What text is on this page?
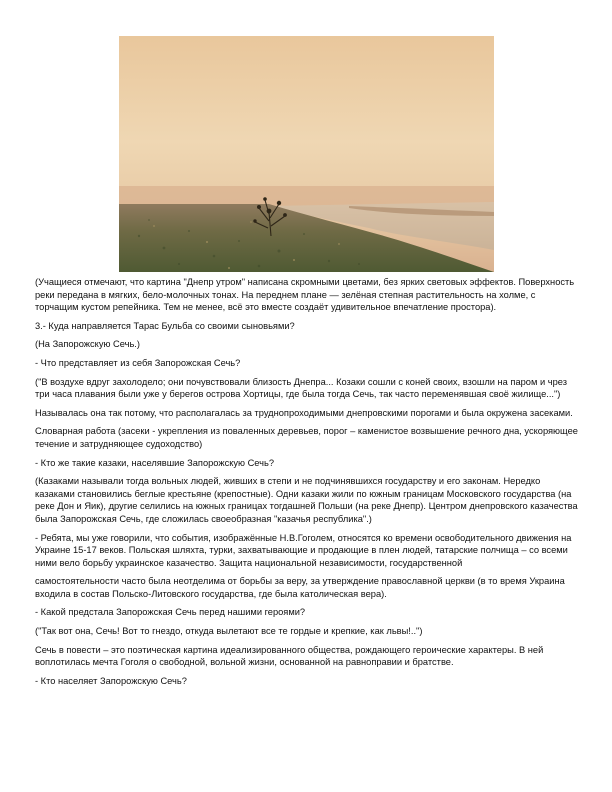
(Учащиеся отмечают, что картина "Днепр утром" написана скромными цветами, без ярких световых эффектов. Поверхность реки передана в мягких, бело-молочных тонах. На переднем плане — зелёная степная растительность на холме, с торчащим кустом репейника. Тем не менее, всё это вместе создаёт удивительное впечатление простора).

3.- Куда направляется Тарас Бульба со своими сыновьями?

(На Запорожскую Сечь.)

- Что представляет из себя Запорожская Сечь?

("В воздухе вдруг захолодело; они почувствовали близость Днепра... Козаки сошли с коней своих, взошли на паром и чрез три часа плавания были уже у берегов острова Хортицы, где была тогда Сечь, так часто переменявшая своё жилище...")

Называлась она так потому, что располагалась за труднопроходимыми днепровскими порогами и была окружена засеками.

Словарная работа (засеки - укрепления из поваленных деревьев, порог – каменистое возвышение речного дна, ускоряющее течение и затрудняющее судоходство)

- Кто же такие казаки, населявшие Запорожскую Сечь?

(Казаками называли тогда вольных людей, живших в степи и не подчинявшихся государству и его законам. Нередко казаками становились беглые крестьяне (крепостные). Одни казаки жили по южным границам Московского государства (на реке Дон и Яик), другие селились на южных границах тогдашней Польши (на реке Днепр). Центром днепровского казачества была Запорожская Сечь, где сложилась своеобразная "казачья республика".)

- Ребята, мы уже говорили, что события, изображённые Н.В.Гоголем, относятся ко времени освободительного движения на Украине 15-17 веков. Польская шляхта, турки, захватывающие и продающие в плен людей, татарские полчища – со всеми ними вело борьбу украинское казачество. Защита национальной независимости, государственной

самостоятельности часто была неотделима от борьбы за веру, за утверждение православной церкви (в то время Украина входила в состав Польско-Литовского государства, где была католическая вера).

- Какой предстала Запорожская Сечь перед нашими героями?

("Так вот она, Сечь! Вот то гнездо, откуда вылетают все те гордые и крепкие, как львы!..")

Сечь в повести – это поэтическая картина идеализированного общества, рождающего героические характеры. В ней воплотилась мечта Гоголя о свободной, вольной жизни, основанной на равноправии и братстве.

- Кто населяет Запорожскую Сечь?
